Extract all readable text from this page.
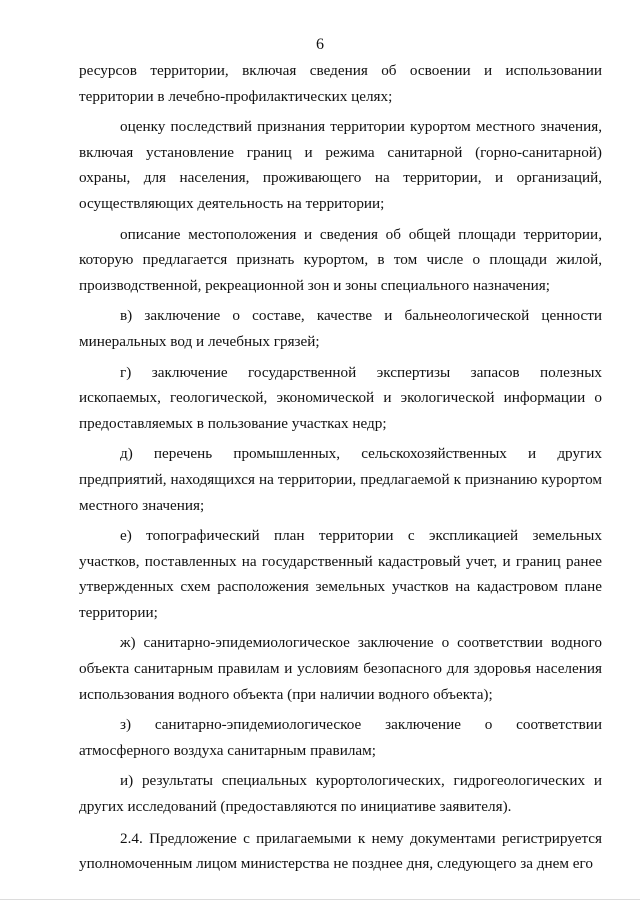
6

ресурсов территории, включая сведения об освоении и использовании территории в лечебно-профилактических целях;

оценку последствий признания территории курортом местного значения, включая установление границ и режима санитарной (горно-санитарной) охраны, для населения, проживающего на территории, и организаций, осуществляющих деятельность на территории;

описание местоположения и сведения об общей площади территории, которую предлагается признать курортом, в том числе о площади жилой, производственной, рекреационной зон и зоны специального назначения;

в) заключение о составе, качестве и бальнеологической ценности минеральных вод и лечебных грязей;

г) заключение государственной экспертизы запасов полезных ископаемых, геологической, экономической и экологической информации о предоставляемых в пользование участках недр;

д) перечень промышленных, сельскохозяйственных и других предприятий, находящихся на территории, предлагаемой к признанию курортом местного значения;

е) топографический план территории с экспликацией земельных участков, поставленных на государственный кадастровый учет, и границ ранее утвержденных схем расположения земельных участков на кадастровом плане территории;

ж) санитарно-эпидемиологическое заключение о соответствии водного объекта санитарным правилам и условиям безопасного для здоровья населения использования водного объекта (при наличии водного объекта);

з) санитарно-эпидемиологическое заключение о соответствии атмосферного воздуха санитарным правилам;

и) результаты специальных курортологических, гидрогеологических и других исследований (предоставляются по инициативе заявителя).

2.4. Предложение с прилагаемыми к нему документами регистрируется уполномоченным лицом министерства не позднее дня, следующего за днем его
